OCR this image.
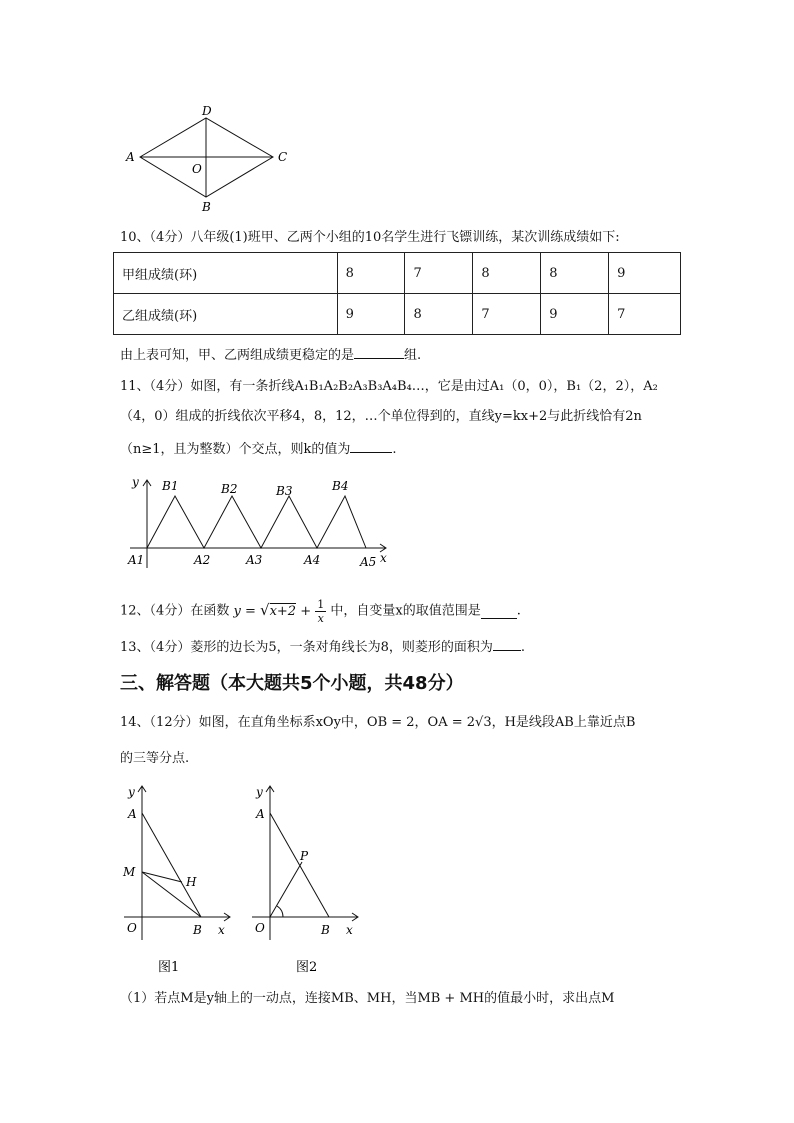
D
A	C
O
B
10、（4分）八年级(1)班甲、乙两个小组的10名学生进行飞镖训练，某次训练成绩如下:
甲组成绩(环)	8	7	8	8	9
乙组成绩(环)	9	8	7	9	7
由上表可知，甲、乙两组成绩更稳定的是	组.
11、（4分）如图，有一条折线A₁B₁A₂B₂A₃B₃A₄B₄…，它是由过A₁（0，0），B₁（2，2），A₂
（4，0）组成的折线依次平移4，8，12，…个单位得到的，直线y=kx+2与此折线恰有2n
（n≥1，且为整数）个交点，则k的值为	.
y
x
B1	B2	B3	B4
A1	A2	A3	A4	A5
12、（4分）在函数 $y = √x+2 + \frac{1}{x}$ 中，自变量x的取值范围是	.
13、（4分）菱形的边长为5，一条对角线长为8，则菱形的面积为 .
三、解答题（本大题共5个小题，共48分）
14、（12分）如图，在直角坐标系xOy中，OB = 2，OA = 2√3，H是线段AB上靠近点B
的三等分点.
y
x
A
M
H
O	B
图1
y
x
A
P
O	B
图2
（1）若点M是y轴上的一动点，连接MB、MH，当MB + MH的值最小时，求出点M
